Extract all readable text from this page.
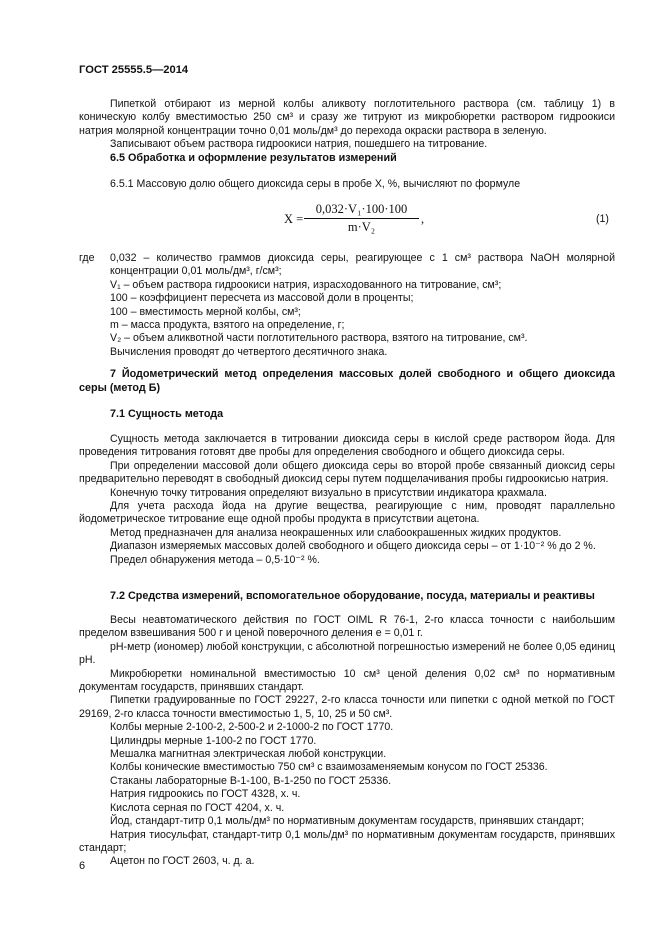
ГОСТ 25555.5—2014

Пипеткой отбирают из мерной колбы аликвоту поглотительного раствора (см. таблицу 1) в коническую колбу вместимостью 250 см³ и сразу же титруют из микробюретки раствором гидроокиси натрия молярной концентрации точно 0,01 моль/дм³ до перехода окраски раствора в зеленую.

Записывают объем раствора гидроокиси натрия, пошедшего на титрование.

6.5 Обработка и оформление результатов измерений

6.5.1 Массовую долю общего диоксида серы в пробе X, %, вычисляют по формуле

$X = \frac{\text{0,032·V₁·100·100}}{\text{m·V₂}}$ ,	(1)
где 0,032 – количество граммов диоксида серы, реагирующее с 1 см³ раствора NaOH молярной концентрации 0,01 моль/дм³, г/см³;

V₁ – объем раствора гидроокиси натрия, израсходованного на титрование, см³;

100 – коэффициент пересчета из массовой доли в проценты;

100 – вместимость мерной колбы, см³;

m – масса продукта, взятого на определение, г;

V₂ – объем аликвотной части поглотительного раствора, взятого на титрование, см³.

Вычисления проводят до четвертого десятичного знака.

7 Йодометрический метод определения массовых долей свободного и общего диоксида серы (метод Б)
7.1 Сущность метода

Сущность метода заключается в титровании диоксида серы в кислой среде раствором йода. Для проведения титрования готовят две пробы для определения свободного и общего диоксида серы.

При определении массовой доли общего диоксида серы во второй пробе связанный диоксид серы предварительно переводят в свободный диоксид серы путем подщелачивания пробы гидроокисью натрия.

Конечную точку титрования определяют визуально в присутствии индикатора крахмала.

Для учета расхода йода на другие вещества, реагирующие с ним, проводят параллельно йодометрическое титрование еще одной пробы продукта в присутствии ацетона.

Метод предназначен для анализа неокрашенных или слабоокрашенных жидких продуктов.

Диапазон измеряемых массовых долей свободного и общего диоксида серы – от 1·10⁻² % до 2 %.

Предел обнаружения метода – 0,5·10⁻² %.

7.2 Средства измерений, вспомогательное оборудование, посуда, материалы и реактивы

Весы неавтоматического действия по ГОСТ OIML R 76-1, 2-го класса точности с наибольшим пределом взвешивания 500 г и ценой поверочного деления e = 0,01 г.

pH-метр (иономер) любой конструкции, с абсолютной погрешностью измерений не более 0,05 единиц pH.

Микробюретки номинальной вместимостью 10 см³ ценой деления 0,02 см³ по нормативным документам государств, принявших стандарт.

Пипетки градуированные по ГОСТ 29227, 2-го класса точности или пипетки с одной меткой по ГОСТ 29169, 2-го класса точности вместимостью 1, 5, 10, 25 и 50 см³.

Колбы мерные 2-100-2, 2-500-2 и 2-1000-2 по ГОСТ 1770.

Цилиндры мерные 1-100-2 по ГОСТ 1770.

Мешалка магнитная электрическая любой конструкции.

Колбы конические вместимостью 750 см³ с взаимозаменяемым конусом по ГОСТ 25336.

Стаканы лабораторные В-1-100, В-1-250 по ГОСТ 25336.

Натрия гидроокись по ГОСТ 4328, х. ч.

Кислота серная по ГОСТ 4204, х. ч.

Йод, стандарт-титр 0,1 моль/дм³ по нормативным документам государств, принявших стандарт;

Натрия тиосульфат, стандарт-титр 0,1 моль/дм³ по нормативным документам государств, принявших стандарт;

Ацетон по ГОСТ 2603, ч. д. а.

6
